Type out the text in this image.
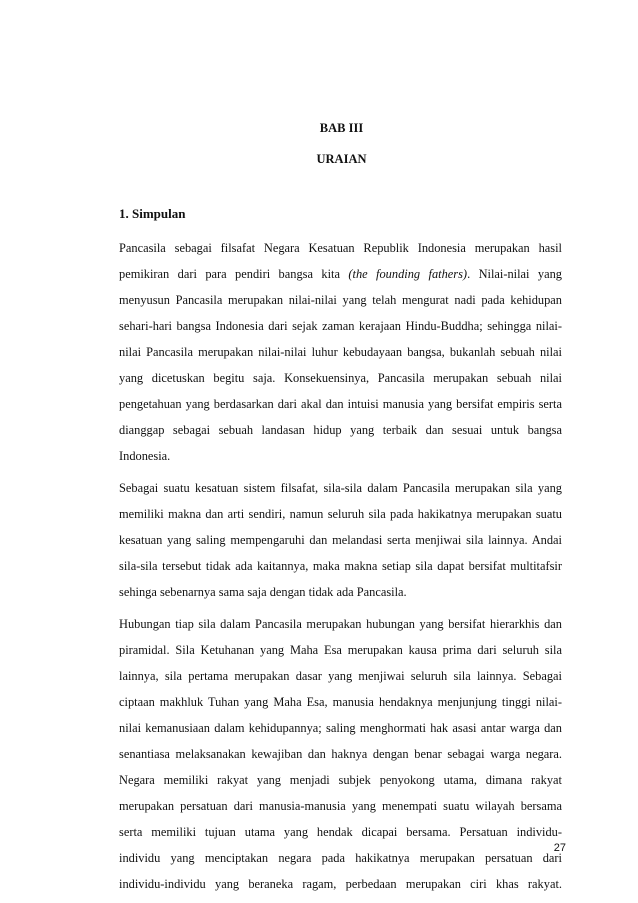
BAB III
URAIAN
1. Simpulan
Pancasila sebagai filsafat Negara Kesatuan Republik Indonesia merupakan hasil
pemikiran dari para pendiri bangsa kita (the founding fathers). Nilai-nilai yang
menyusun Pancasila merupakan nilai-nilai yang telah mengurat nadi pada kehidupan
sehari-hari bangsa Indonesia dari sejak zaman kerajaan Hindu-Buddha; sehingga nilai-
nilai Pancasila merupakan nilai-nilai luhur kebudayaan bangsa, bukanlah sebuah nilai
yang dicetuskan begitu saja. Konsekuensinya, Pancasila merupakan sebuah nilai
pengetahuan yang berdasarkan dari akal dan intuisi manusia yang bersifat empiris serta
dianggap sebagai sebuah landasan hidup yang terbaik dan sesuai untuk bangsa
Indonesia.
Sebagai suatu kesatuan sistem filsafat, sila-sila dalam Pancasila merupakan sila yang
memiliki makna dan arti sendiri, namun seluruh sila pada hakikatnya merupakan suatu
kesatuan yang saling mempengaruhi dan melandasi serta menjiwai sila lainnya. Andai
sila-sila tersebut tidak ada kaitannya, maka makna setiap sila dapat bersifat multitafsir
sehinga sebenarnya sama saja dengan tidak ada Pancasila.
Hubungan tiap sila dalam Pancasila merupakan hubungan yang bersifat hierarkhis dan
piramidal. Sila Ketuhanan yang Maha Esa merupakan kausa prima dari seluruh sila
lainnya, sila pertama merupakan dasar yang menjiwai seluruh sila lainnya. Sebagai
ciptaan makhluk Tuhan yang Maha Esa, manusia hendaknya menjunjung tinggi nilai-
nilai kemanusiaan dalam kehidupannya; saling menghormati hak asasi antar warga dan
senantiasa melaksanakan kewajiban dan haknya dengan benar sebagai warga negara.
Negara memiliki rakyat yang menjadi subjek penyokong utama, dimana rakyat
merupakan persatuan dari manusia-manusia yang menempati suatu wilayah bersama
serta memiliki tujuan utama yang hendak dicapai bersama. Persatuan individu-
individu yang menciptakan negara pada hakikatnya merupakan persatuan dari
individu-individu yang beraneka ragam, perbedaan merupakan ciri khas rakyat.
27
